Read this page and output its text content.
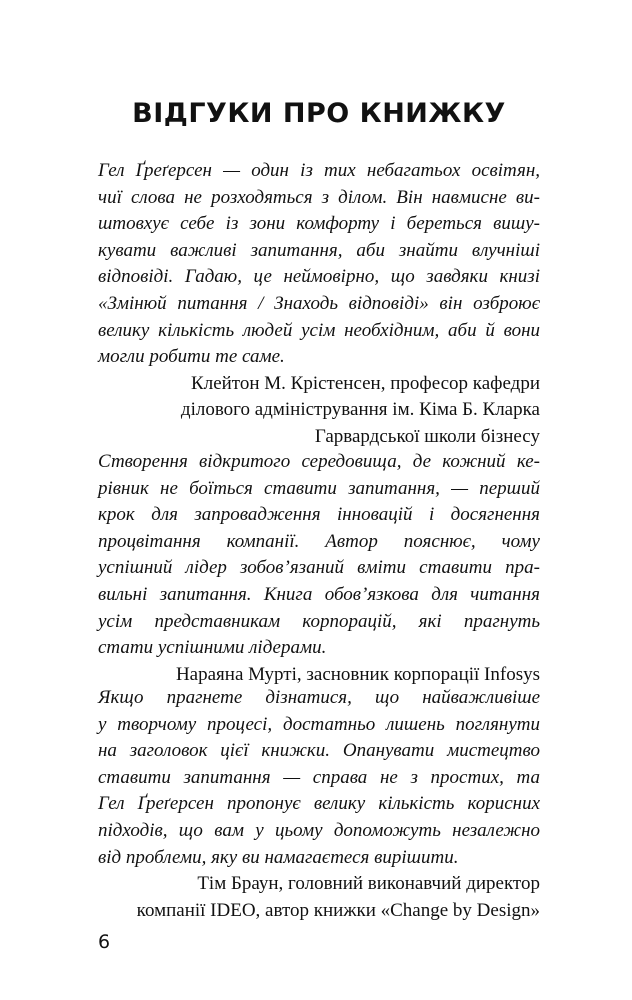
ВІДГУКИ ПРО КНИЖКУ

Гел Ґреґерсен — один із тих небагатьох освітян,
чиї слова не розходяться з ділом. Він навмисне ви-
штовхує себе із зони комфорту і береться вишу-
кувати важливі запитання, аби знайти влучніші
відповіді. Гадаю, це неймовірно, що завдяки книзі
«Змінюй питання / Знаходь відповіді» він озброює
велику кількість людей усім необхідним, аби й вони
могли робити те саме.

Клейтон М. Крістенсен, професор кафедри
ділового адміністрування ім. Кіма Б. Кларка
Гарвардської школи бізнесу

Створення відкритого середовища, де кожний ке-
рівник не боїться ставити запитання, — перший
крок для запровадження інновацій і досягнення
процвітання компанії. Автор пояснює, чому
успішний лідер зобов’язаний вміти ставити пра-
вильні запитання. Книга обов’язкова для читання
усім представникам корпорацій, які прагнуть
стати успішними лідерами.

Нараяна Мурті, засновник корпорації Infosys

Якщо прагнете дізнатися, що найважливіше
у творчому процесі, достатньо лишень поглянути
на заголовок цієї книжки. Опанувати мистецтво
ставити запитання — справа не з простих, та
Гел Ґреґерсен пропонує велику кількість корисних
підходів, що вам у цьому допоможуть незалежно
від проблеми, яку ви намагаєтеся вирішити.

Тім Браун, головний виконавчий директор
компанії IDEO, автор книжки «Change by Design»

6
